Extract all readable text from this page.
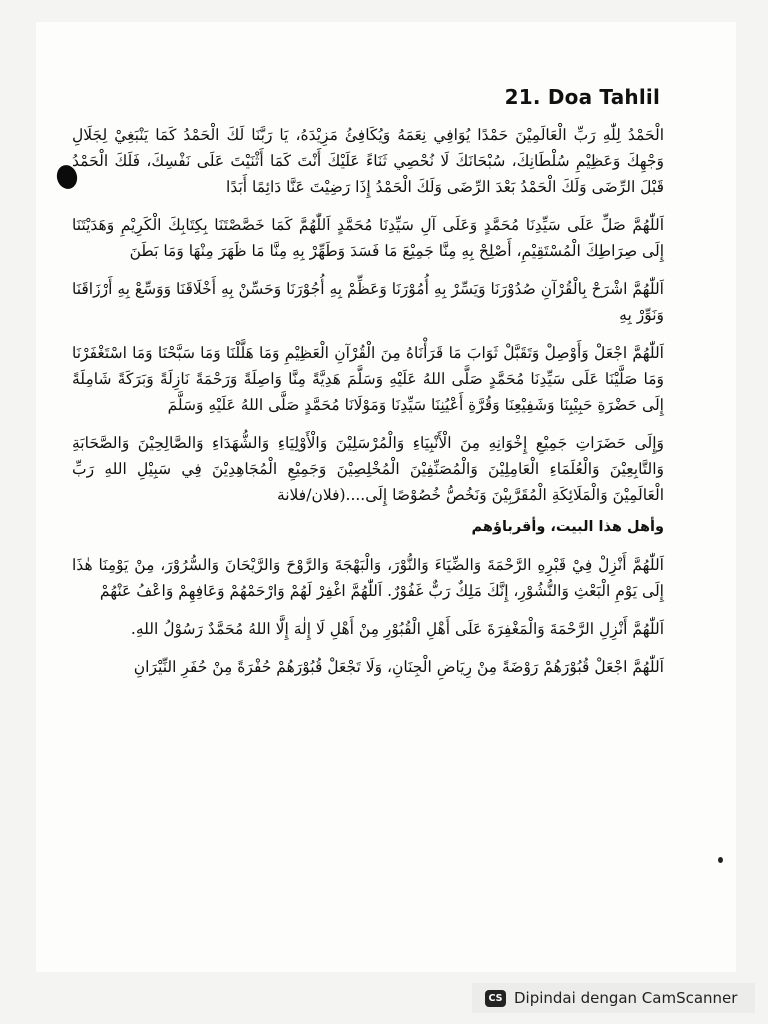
21. Doa Tahlil

الْحَمْدُ لِلّٰهِ رَبِّ الْعَالَمِيْنَ حَمْدًا يُوَافِي نِعَمَهُ وَيُكَافِئُ مَزِيْدَهُ، يَا رَبَّنَا لَكَ الْحَمْدُ كَمَا يَنْبَغِيْ لِجَلَالِ وَجْهِكَ وَعَظِيْمِ سُلْطَانِكَ، سُبْحَانَكَ لَا نُحْصِي ثَنَاءً عَلَيْكَ أَنْتَ كَمَا أَثْنَيْتَ عَلَى نَفْسِكَ، فَلَكَ الْحَمْدُ قَبْلَ الرِّضَى وَلَكَ الْحَمْدُ بَعْدَ الرِّضَى وَلَكَ الْحَمْدُ إِذَا رَضِيْتَ عَنَّا دَائِمًا أَبَدًا

اَللّٰهُمَّ صَلِّ عَلَى سَيِّدِنَا مُحَمَّدٍ وَعَلَى آلِ سَيِّدِنَا مُحَمَّدٍ اَللّٰهُمَّ كَمَا خَصَّصْتَنَا بِكِتَابِكَ الْكَرِيْمِ وَهَدَيْتَنَا إِلَى صِرَاطِكَ الْمُسْتَقِيْمِ، أَصْلِحْ بِهِ مِنَّا جَمِيْعَ مَا فَسَدَ وَطَهِّرْ بِهِ مِنَّا مَا ظَهَرَ مِنْهَا وَمَا بَطَنَ

اَللّٰهُمَّ اشْرَحْ بِالْقُرْآنِ صُدُوْرَنَا وَيَسِّرْ بِهِ أُمُوْرَنَا وَعَظِّمْ بِهِ أُجُوْرَنَا وَحَسِّنْ بِهِ أَخْلَاقَنَا وَوَسِّعْ بِهِ أَرْزَاقَنَا وَنَوِّرْ بِهِ

اَللّٰهُمَّ اجْعَلْ وَأَوْصِلْ وَتَقَبَّلْ ثَوَابَ مَا قَرَأْنَاهُ مِنَ الْقُرْآنِ الْعَظِيْمِ وَمَا هَلَّلْنَا وَمَا سَبَّحْنَا وَمَا اسْتَغْفَرْنَا وَمَا صَلَّيْنَا عَلَى سَيِّدِنَا مُحَمَّدٍ صَلَّى اللهُ عَلَيْهِ وَسَلَّمَ هَدِيَّةً مِنَّا وَاصِلَةً وَرَحْمَةً نَازِلَةً وَبَرَكَةً شَامِلَةً إِلَى حَضْرَةِ حَبِيْبِنَا وَشَفِيْعِنَا وَقُرَّةِ أَعْيُنِنَا سَيِّدِنَا وَمَوْلَانَا مُحَمَّدٍ صَلَّى اللهُ عَلَيْهِ وَسَلَّمَ

وَإِلَى حَضَرَاتِ جَمِيْعِ إِخْوَانِهِ مِنَ الْأَنْبِيَاءِ وَالْمُرْسَلِيْنَ وَالْأَوْلِيَاءِ وَالشُّهَدَاءِ وَالصَّالِحِيْنَ وَالصَّحَابَةِ وَالتَّابِعِيْنَ وَالْعُلَمَاءِ الْعَامِلِيْنَ وَالْمُصَنِّفِيْنَ الْمُخْلِصِيْنَ وَجَمِيْعِ الْمُجَاهِدِيْنَ فِي سَبِيْلِ اللهِ رَبِّ الْعَالَمِيْنَ وَالْمَلَائِكَةِ الْمُقَرَّبِيْنَ وَنَخُصُّ خُصُوْصًا إِلَى....(فلان/فلانة

وأهل هذا البيت، وأقرباؤهم

اَللّٰهُمَّ أَنْزِلْ فِيْ قَبْرِهِ الرَّحْمَةَ وَالضِّيَاءَ وَالنُّوْرَ، وَالْبَهْجَةَ وَالرَّوْحَ وَالرَّيْحَانَ وَالسُّرُوْرَ، مِنْ يَوْمِنَا هٰذَا إِلَى يَوْمِ الْبَعْثِ وَالنُّشُوْرِ، إِنَّكَ مَلِكٌ رَبٌّ غَفُوْرٌ. اَللّٰهُمَّ اغْفِرْ لَهُمْ وَارْحَمْهُمْ وَعَافِهِمْ وَاعْفُ عَنْهُمْ

اَللّٰهُمَّ أَنْزِلِ الرَّحْمَةَ وَالْمَغْفِرَةَ عَلَى أَهْلِ الْقُبُوْرِ مِنْ أَهْلِ لَا إِلٰهَ إِلَّا اللهُ مُحَمَّدٌ رَسُوْلُ اللهِ.

اَللّٰهُمَّ اجْعَلْ قُبُوْرَهُمْ رَوْضَةً مِنْ رِيَاضِ الْجِنَانِ، وَلَا تَجْعَلْ قُبُوْرَهُمْ حُفْرَةً مِنْ حُفَرِ النِّيْرَانِ

CS Dipindai dengan CamScanner
